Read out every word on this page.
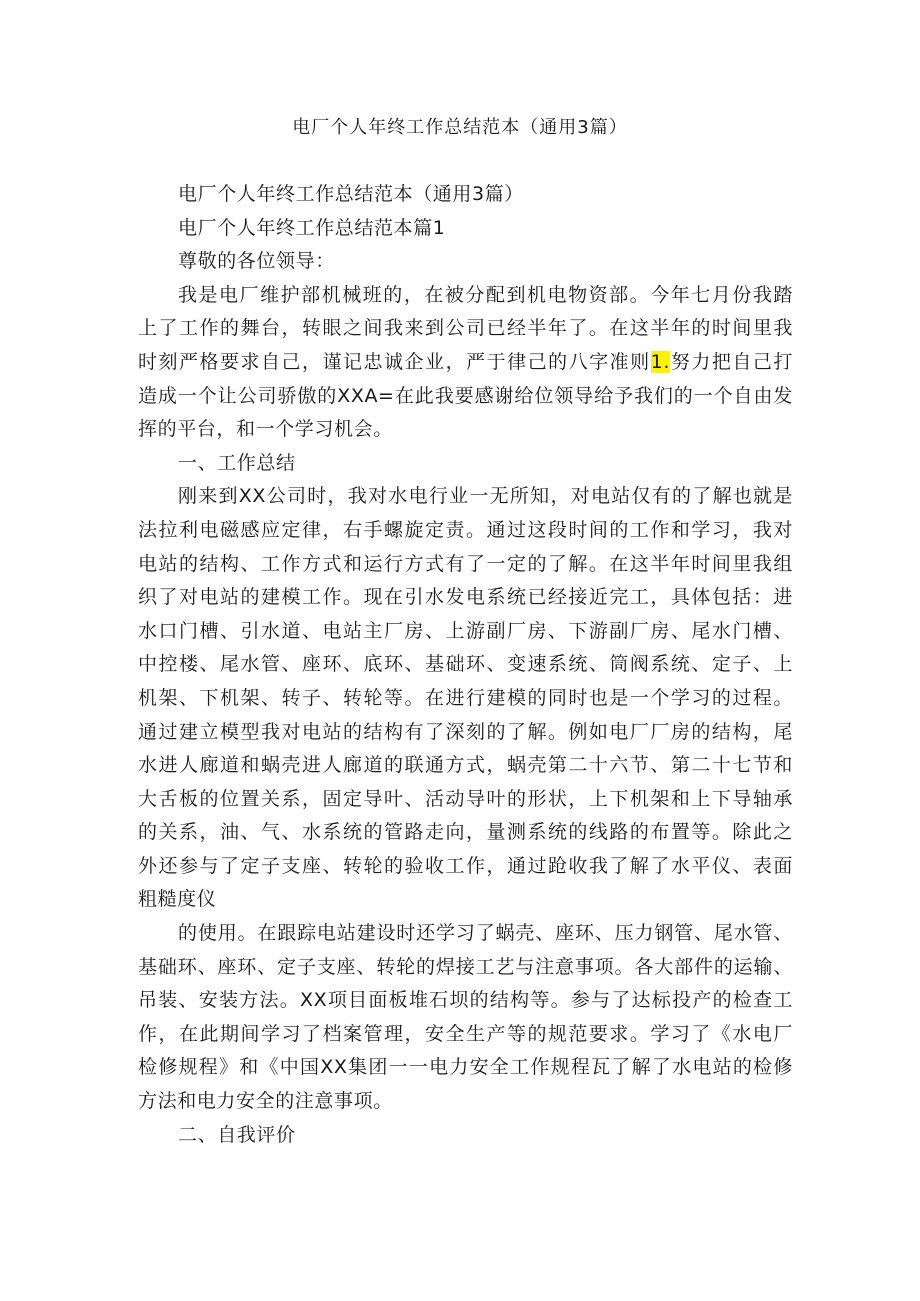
电厂个人年终工作总结范本（通用3篇）
电厂个人年终工作总结范本（通用3篇）
电厂个人年终工作总结范本篇1
尊敬的各位领导：
我是电厂维护部机械班的，在被分配到机电物资部。今年七月份我踏
上了工作的舞台，转眼之间我来到公司已经半年了。在这半年的时间里我
时刻严格要求自己，谨记忠诚企业，严于律己的八字准则1.努力把自己打
造成一个让公司骄傲的XXA=在此我要感谢给位领导给予我们的一个自由发
挥的平台，和一个学习机会。
一、工作总结
刚来到XX公司时，我对水电行业一无所知，对电站仅有的了解也就是
法拉利电磁感应定律，右手螺旋定责。通过这段时间的工作和学习，我对
电站的结构、工作方式和运行方式有了一定的了解。在这半年时间里我组
织了对电站的建模工作。现在引水发电系统已经接近完工，具体包括：进
水口门槽、引水道、电站主厂房、上游副厂房、下游副厂房、尾水门槽、
中控楼、尾水管、座环、底环、基础环、变速系统、筒阀系统、定子、上
机架、下机架、转子、转轮等。在进行建模的同时也是一个学习的过程。
通过建立模型我对电站的结构有了深刻的了解。例如电厂厂房的结构，尾
水进人廊道和蜗壳进人廊道的联通方式，蜗壳第二十六节、第二十七节和
大舌板的位置关系，固定导叶、活动导叶的形状，上下机架和上下导轴承
的关系，油、气、水系统的管路走向，量测系统的线路的布置等。除此之
外还参与了定子支座、转轮的验收工作，通过跄收我了解了水平仪、表面
粗糙度仪
的使用。在跟踪电站建设时还学习了蜗壳、座环、压力钢管、尾水管、
基础环、座环、定子支座、转轮的焊接工艺与注意事项。各大部件的运输、
吊装、安装方法。XX项目面板堆石坝的结构等。参与了达标投产的检查工
作，在此期间学习了档案管理，安全生产等的规范要求。学习了《水电厂
检修规程》和《中国XX集团一一电力安全工作规程瓦了解了水电站的检修
方法和电力安全的注意事项。
二、自我评价
